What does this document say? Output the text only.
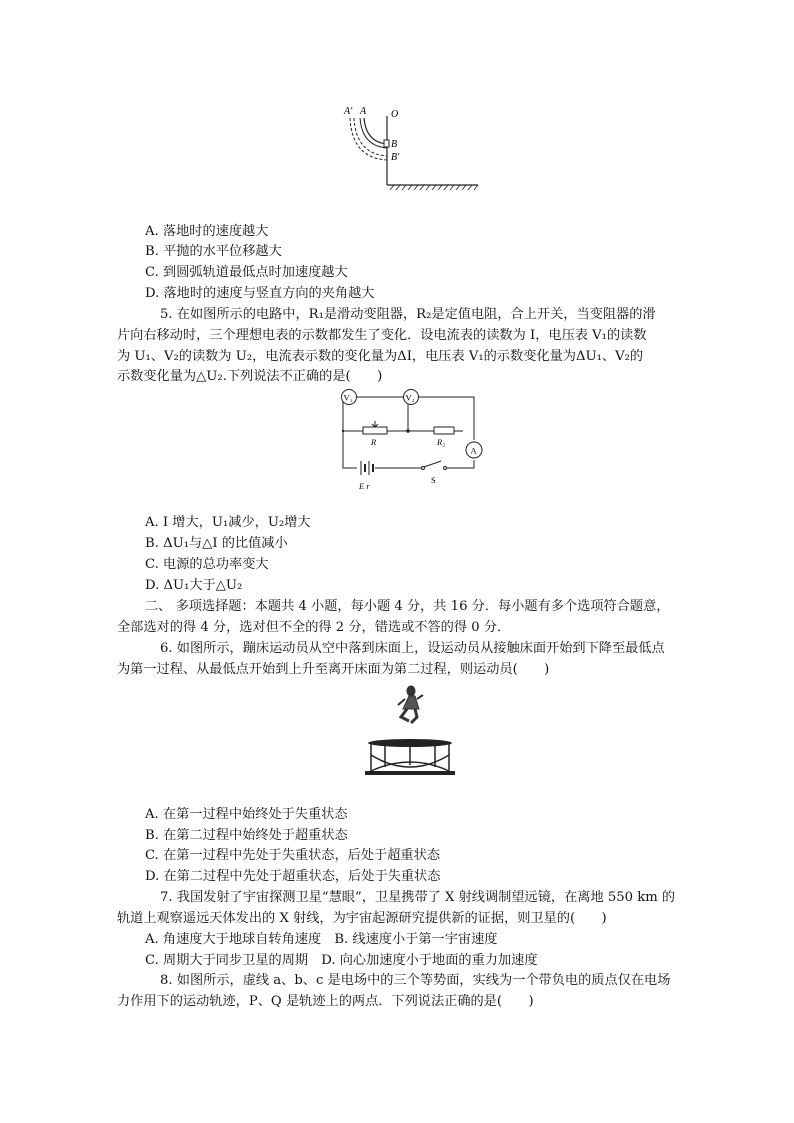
A′ A O
B
B′
A. 落地时的速度越大
B. 平抛的水平位移越大
C. 到圆弧轨道最低点时加速度越大
D. 落地时的速度与竖直方向的夹角越大
5. 在如图所示的电路中，R₁是滑动变阻器，R₂是定值电阻，合上开关，当变阻器的滑
片向右移动时，三个理想电表的示数都发生了变化．设电流表的读数为 I，电压表 V₁的读数
为 U₁、V₂的读数为 U₂，电流表示数的变化量为ΔI，电压表 V₁的示数变化量为ΔU₁、V₂的
示数变化量为△U₂.下列说法不正确的是(　　)
V₁	V₂
R	R₂
A
E r
S
A. I 增大，U₁减少，U₂增大
B. ΔU₁与△I 的比值减小
C. 电源的总功率变大
D. ΔU₁大于△U₂
二、 多项选择题：本题共 4 小题，每小题 4 分，共 16 分．每小题有多个选项符合题意，
全部选对的得 4 分，选对但不全的得 2 分，错选或不答的得 0 分．
6. 如图所示，蹦床运动员从空中落到床面上，设运动员从接触床面开始到下降至最低点
为第一过程、从最低点开始到上升至离开床面为第二过程，则运动员(　　)
A. 在第一过程中始终处于失重状态
B. 在第二过程中始终处于超重状态
C. 在第一过程中先处于失重状态，后处于超重状态
D. 在第二过程中先处于超重状态，后处于失重状态
7. 我国发射了宇宙探测卫星“慧眼”，卫星携带了 X 射线调制望远镜，在离地 550 km 的
轨道上观察遥远天体发出的 X 射线，为宇宙起源研究提供新的证据，则卫星的(　　)
A. 角速度大于地球自转角速度　B. 线速度小于第一宇宙速度
C. 周期大于同步卫星的周期　D. 向心加速度小于地面的重力加速度
8. 如图所示，虚线 a、b、c 是电场中的三个等势面，实线为一个带负电的质点仅在电场
力作用下的运动轨迹，P、Q 是轨迹上的两点．下列说法正确的是(　　)
